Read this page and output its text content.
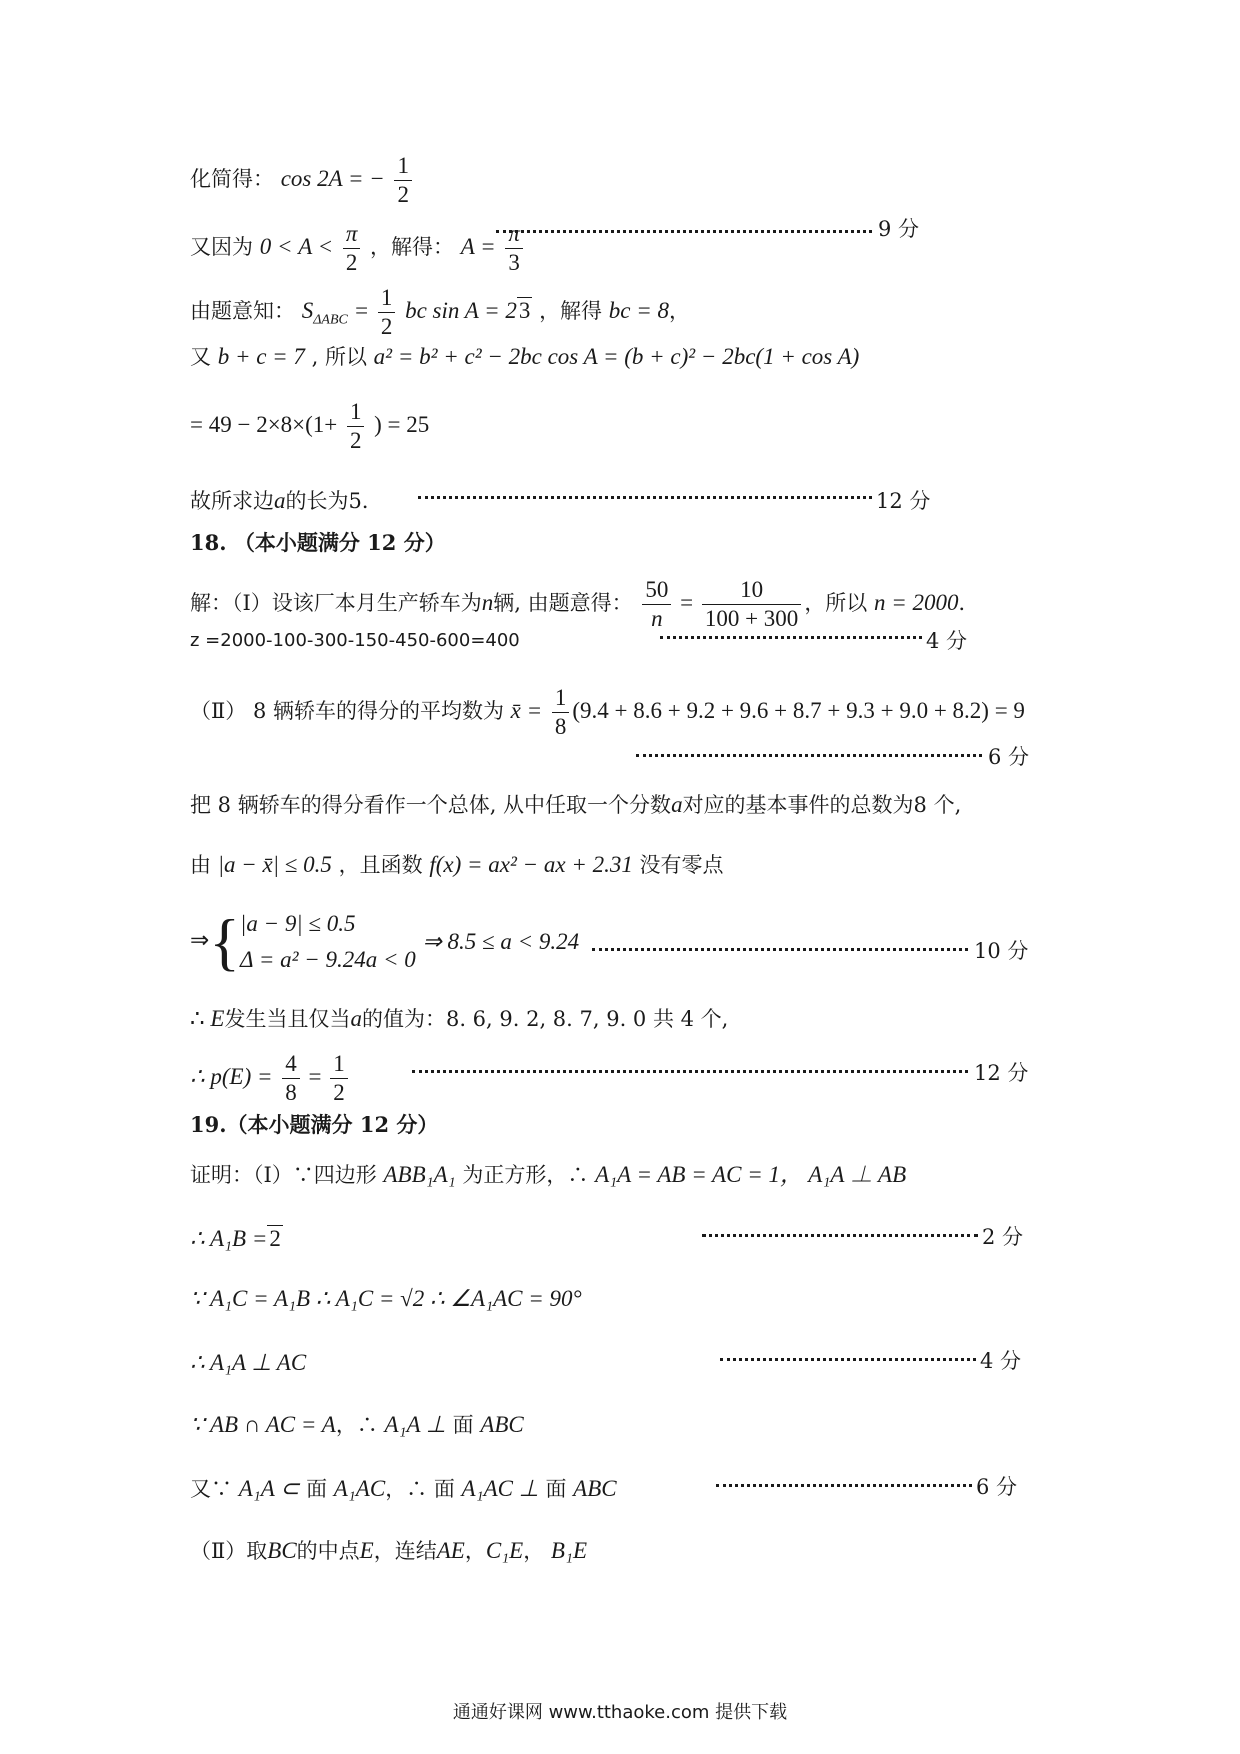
化简得： cos 2A = − $\frac{1}{2}$
又因为 $0 < A < \frac{\pi}{2}$ ，解得： $A = \frac{\pi}{3}$	9 分
由题意知： $S_{\Delta ABC} = \frac{1}{2}$ bc sin A = 23 ，解得 bc = 8，
又 b + c = 7 , 所以 a² = b² + c² − 2bc cos A = (b + c)² − 2bc(1 + cos A)
= $49 - 2\times 8\times(1+ \frac{1}{2}$ ) = 25
故所求边a的长为5．	12 分
18. （本小题满分 12 分）
解：（Ⅰ）设该厂本月生产轿车为n辆, 由题意得： $\frac{50}{n} = \frac{10}{100 + 300}$ ，所以 n = 2000．
z =2000-100-300-150-450-600=400	4 分
（Ⅱ） 8 辆轿车的得分的平均数为 x̄ = $\frac{1}{8} (9.4 + 8.6 + 9.2 + 9.6 + 8.7 + 9.3 + 9.0 + 8.2) = 9$
6 分
把 8 辆轿车的得分看作一个总体, 从中任取一个分数a对应的基本事件的总数为8 个,
由 |a − x̄| ≤ 0.5 ，且函数 f(x) = ax² − ax + 2.31 没有零点
⇒{ |a − 9| ≤ 0.5
Δ = a² − 9.24a < 0
⇒ 8.5 ≤ a < 9.24	10 分
∴ E发生当且仅当a的值为：8. 6, 9. 2, 8. 7, 9. 0 共 4 个,
∴ $p(E) = \frac{4}{8} = \frac{1}{2}$	12 分
19.（本小题满分 12 分）
证明：（Ⅰ）∵四边形 ABB₁A₁ 为正方形，∴ A₁A = AB = AC = 1， A₁A ⊥ AB
∴ A₁B =2	2 分
∵ A₁C = A₁B ∴ A₁C = √2 ∴ ∠A₁AC = 90°
∴ A₁A ⊥ AC	4 分
∵ AB ∩ AC = A，∴ A₁A ⊥ 面 ABC
又∵ A₁A ⊂ 面 A₁AC，∴ 面 A₁AC ⊥ 面 ABC	6 分
（Ⅱ）取BC的中点E，连结AE，C₁E， B₁E
通通好课网 www.tthaoke.com 提供下载
